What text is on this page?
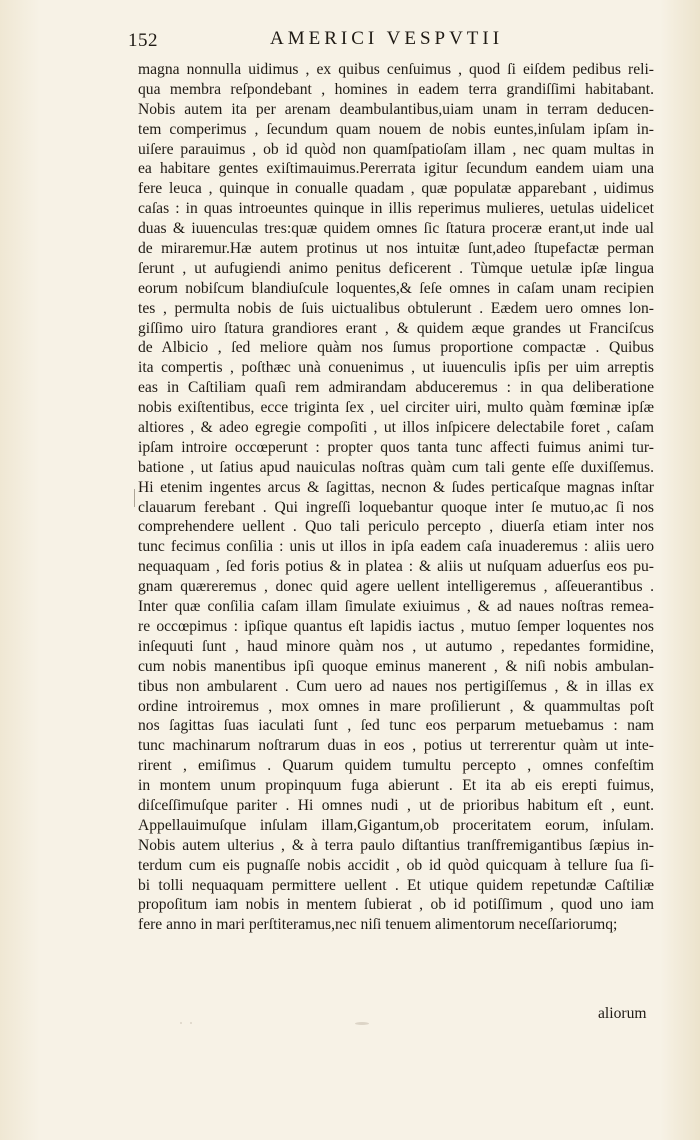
152	AMERICI VESPVTII
magna nonnulla uidimus , ex quibus cenſuimus , quod ſi eiſdem pedibus reli-
qua membra reſpondebant , homines in eadem terra grandiſſimi habitabant.
Nobis autem ita per arenam deambulantibus,uiam unam in terram deducen-
tem comperimus , ſecundum quam nouem de nobis euntes,inſulam ipſam in-
uiſere parauimus , ob id quòd non quamſpatioſam illam , nec quam multas in
ea habitare gentes exiſtimauimus.Pererrata igitur ſecundum eandem uiam una
fere leuca , quinque in conualle quadam , quæ populatæ apparebant , uidimus
caſas : in quas introeuntes quinque in illis reperimus mulieres, uetulas uidelicet
duas & iuuenculas tres:quæ quidem omnes ſic ſtatura proceræ erant,ut inde ual
de miraremur.Hæ autem protinus ut nos intuitæ ſunt,adeo ſtupefactæ perman
ſerunt , ut aufugiendi animo penitus deficerent . Tùmque uetulæ ipſæ lingua
eorum nobiſcum blandiuſcule loquentes,& ſeſe omnes in caſam unam recipien
tes , permulta nobis de ſuis uictualibus obtulerunt . Eædem uero omnes lon-
giſſimo uiro ſtatura grandiores erant , & quidem æque grandes ut Franciſcus
de Albicio , ſed meliore quàm nos ſumus proportione compactæ . Quibus
ita compertis , poſthæc unà conuenimus , ut iuuenculis ipſis per uim arreptis
eas in Caſtiliam quaſi rem admirandam abduceremus : in qua deliberatione
nobis exiſtentibus, ecce triginta ſex , uel circiter uiri, multo quàm fœminæ ipſæ
altiores , & adeo egregie compoſiti , ut illos inſpicere delectabile foret , caſam
ipſam introire occœperunt : propter quos tanta tunc affecti fuimus animi tur-
batione , ut ſatius apud nauiculas noſtras quàm cum tali gente eſſe duxiſſemus.
Hi etenim ingentes arcus & ſagittas, necnon & ſudes perticaſque magnas inſtar
clauarum ferebant . Qui ingreſſi loquebantur quoque inter ſe mutuo,ac ſi nos
comprehendere uellent . Quo tali periculo percepto , diuerſa etiam inter nos
tunc fecimus conſilia : unis ut illos in ipſa eadem caſa inuaderemus : aliis uero
nequaquam , ſed foris potius & in platea : & aliis ut nuſquam aduerſus eos pu-
gnam quæreremus , donec quid agere uellent intelligeremus , aſſeuerantibus .
Inter quæ conſilia caſam illam ſimulate exiuimus , & ad naues noſtras remea-
re occœpimus : ipſique quantus eſt lapidis iactus , mutuo ſemper loquentes nos
inſequuti ſunt , haud minore quàm nos , ut autumo , repedantes formidine,
cum nobis manentibus ipſi quoque eminus manerent , & niſi nobis ambulan-
tibus non ambularent . Cum uero ad naues nos pertigiſſemus , & in illas ex
ordine introiremus , mox omnes in mare proſilierunt , & quammultas poſt
nos ſagittas ſuas iaculati ſunt , ſed tunc eos perparum metuebamus : nam
tunc machinarum noſtrarum duas in eos , potius ut terrerentur quàm ut inte-
rirent , emiſimus . Quarum quidem tumultu percepto , omnes confeſtim
in montem unum propinquum fuga abierunt . Et ita ab eis erepti fuimus,
diſceſſimuſque pariter . Hi omnes nudi , ut de prioribus habitum eſt , eunt.
Appellauimuſque inſulam illam,Gigantum,ob proceritatem eorum, inſulam.
Nobis autem ulterius , & à terra paulo diſtantius tranſfremigantibus ſæpius in-
terdum cum eis pugnaſſe nobis accidit , ob id quòd quicquam à tellure ſua ſi-
bi tolli nequaquam permittere uellent . Et utique quidem repetundæ Caſtiliæ
propoſitum iam nobis in mentem ſubierat , ob id potiſſimum , quod uno iam
fere anno in mari perſtiteramus,nec niſi tenuem alimentorum neceſſariorumq;
aliorum
